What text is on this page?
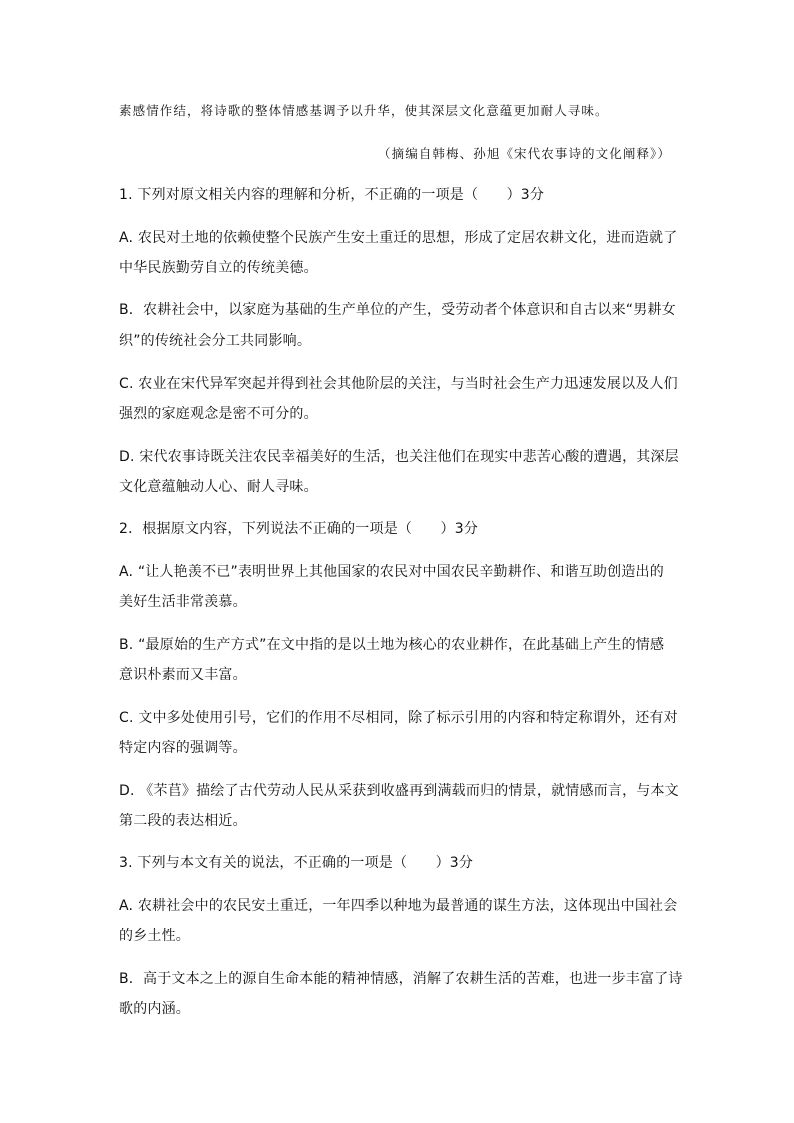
素感情作结，将诗歌的整体情感基调予以升华，使其深层文化意蕴更加耐人寻味。
（摘编自韩梅、孙旭《宋代农事诗的文化阐释》）
1. 下列对原文相关内容的理解和分析，不正确的一项是（　　）3分
A. 农民对土地的依赖使整个民族产生安土重迁的思想，形成了定居农耕文化，进而造就了
中华民族勤劳自立的传统美德。
B．农耕社会中，以家庭为基础的生产单位的产生，受劳动者个体意识和自古以来“男耕女
织”的传统社会分工共同影响。
C. 农业在宋代异军突起并得到社会其他阶层的关注，与当时社会生产力迅速发展以及人们
强烈的家庭观念是密不可分的。
D. 宋代农事诗既关注农民幸福美好的生活，也关注他们在现实中悲苦心酸的遭遇，其深层
文化意蕴触动人心、耐人寻味。
2．根据原文内容，下列说法不正确的一项是（　　）3分
A. “让人艳羡不已”表明世界上其他国家的农民对中国农民辛勤耕作、和谐互助创造出的
美好生活非常羡慕。
B. “最原始的生产方式”在文中指的是以土地为核心的农业耕作，在此基础上产生的情感
意识朴素而又丰富。
C. 文中多处使用引号，它们的作用不尽相同，除了标示引用的内容和特定称谓外，还有对
特定内容的强调等。
D. 《芣苢》描绘了古代劳动人民从采获到收盛再到满载而归的情景，就情感而言，与本文
第二段的表达相近。
3. 下列与本文有关的说法，不正确的一项是（　　）3分
A. 农耕社会中的农民安土重迁，一年四季以种地为最普通的谋生方法，这体现出中国社会
的乡土性。
B．高于文本之上的源自生命本能的精神情感，消解了农耕生活的苦难，也进一步丰富了诗
歌的内涵。
